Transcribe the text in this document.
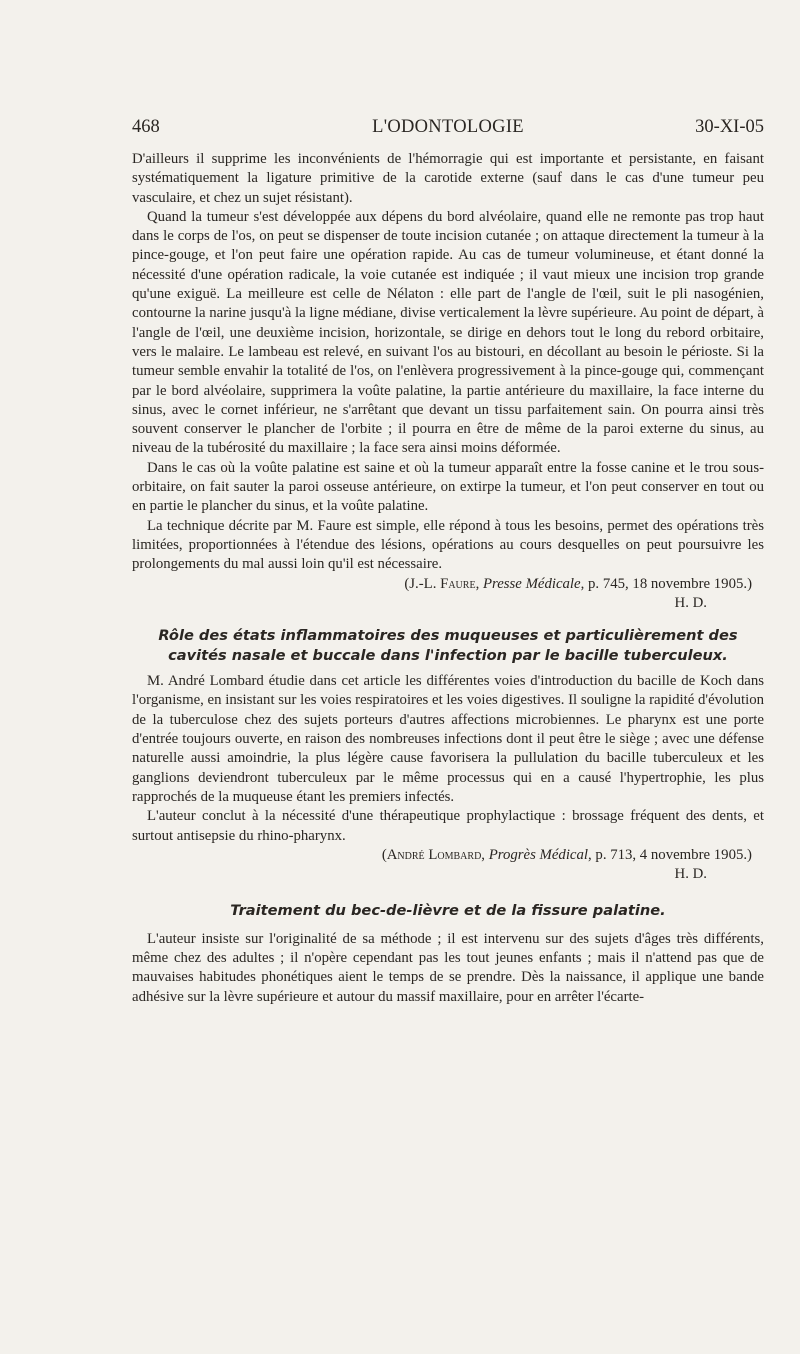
468	L'ODONTOLOGIE	30-XI-05

D'ailleurs il supprime les inconvénients de l'hémorragie qui est importante et persistante, en faisant systématiquement la ligature primitive de la carotide externe (sauf dans le cas d'une tumeur peu vasculaire, et chez un sujet résistant).

Quand la tumeur s'est développée aux dépens du bord alvéolaire, quand elle ne remonte pas trop haut dans le corps de l'os, on peut se dispenser de toute incision cutanée ; on attaque directement la tumeur à la pince-gouge, et l'on peut faire une opération rapide. Au cas de tumeur volumineuse, et étant donné la nécessité d'une opération radicale, la voie cutanée est indiquée ; il vaut mieux une incision trop grande qu'une exiguë. La meilleure est celle de Nélaton : elle part de l'angle de l'œil, suit le pli nasogénien, contourne la narine jusqu'à la ligne médiane, divise verticalement la lèvre supérieure. Au point de départ, à l'angle de l'œil, une deuxième incision, horizontale, se dirige en dehors tout le long du rebord orbitaire, vers le malaire. Le lambeau est relevé, en suivant l'os au bistouri, en décollant au besoin le périoste. Si la tumeur semble envahir la totalité de l'os, on l'enlèvera progressivement à la pince-gouge qui, commençant par le bord alvéolaire, supprimera la voûte palatine, la partie antérieure du maxillaire, la face interne du sinus, avec le cornet inférieur, ne s'arrêtant que devant un tissu parfaitement sain. On pourra ainsi très souvent conserver le plancher de l'orbite ; il pourra en être de même de la paroi externe du sinus, au niveau de la tubérosité du maxillaire ; la face sera ainsi moins déformée.

Dans le cas où la voûte palatine est saine et où la tumeur apparaît entre la fosse canine et le trou sous-orbitaire, on fait sauter la paroi osseuse antérieure, on extirpe la tumeur, et l'on peut conserver en tout ou en partie le plancher du sinus, et la voûte palatine.

La technique décrite par M. Faure est simple, elle répond à tous les besoins, permet des opérations très limitées, proportionnées à l'étendue des lésions, opérations au cours desquelles on peut poursuivre les prolongements du mal aussi loin qu'il est nécessaire.

(J.-L. Faure, Presse Médicale, p. 745, 18 novembre 1905.)

H. D.

Rôle des états inflammatoires des muqueuses et particulièrement des cavités nasale et buccale dans l'infection par le bacille tuberculeux.

M. André Lombard étudie dans cet article les différentes voies d'introduction du bacille de Koch dans l'organisme, en insistant sur les voies respiratoires et les voies digestives. Il souligne la rapidité d'évolution de la tuberculose chez des sujets porteurs d'autres affections microbiennes. Le pharynx est une porte d'entrée toujours ouverte, en raison des nombreuses infections dont il peut être le siège ; avec une défense naturelle aussi amoindrie, la plus légère cause favorisera la pullulation du bacille tuberculeux et les ganglions deviendront tuberculeux par le même processus qui en a causé l'hypertrophie, les plus rapprochés de la muqueuse étant les premiers infectés.

L'auteur conclut à la nécessité d'une thérapeutique prophylactique : brossage fréquent des dents, et surtout antisepsie du rhino-pharynx.

(André Lombard, Progrès Médical, p. 713, 4 novembre 1905.)

H. D.

Traitement du bec-de-lièvre et de la fissure palatine.

L'auteur insiste sur l'originalité de sa méthode ; il est intervenu sur des sujets d'âges très différents, même chez des adultes ; il n'opère cependant pas les tout jeunes enfants ; mais il n'attend pas que de mauvaises habitudes phonétiques aient le temps de se prendre. Dès la naissance, il applique une bande adhésive sur la lèvre supérieure et autour du massif maxillaire, pour en arrêter l'écarte-
